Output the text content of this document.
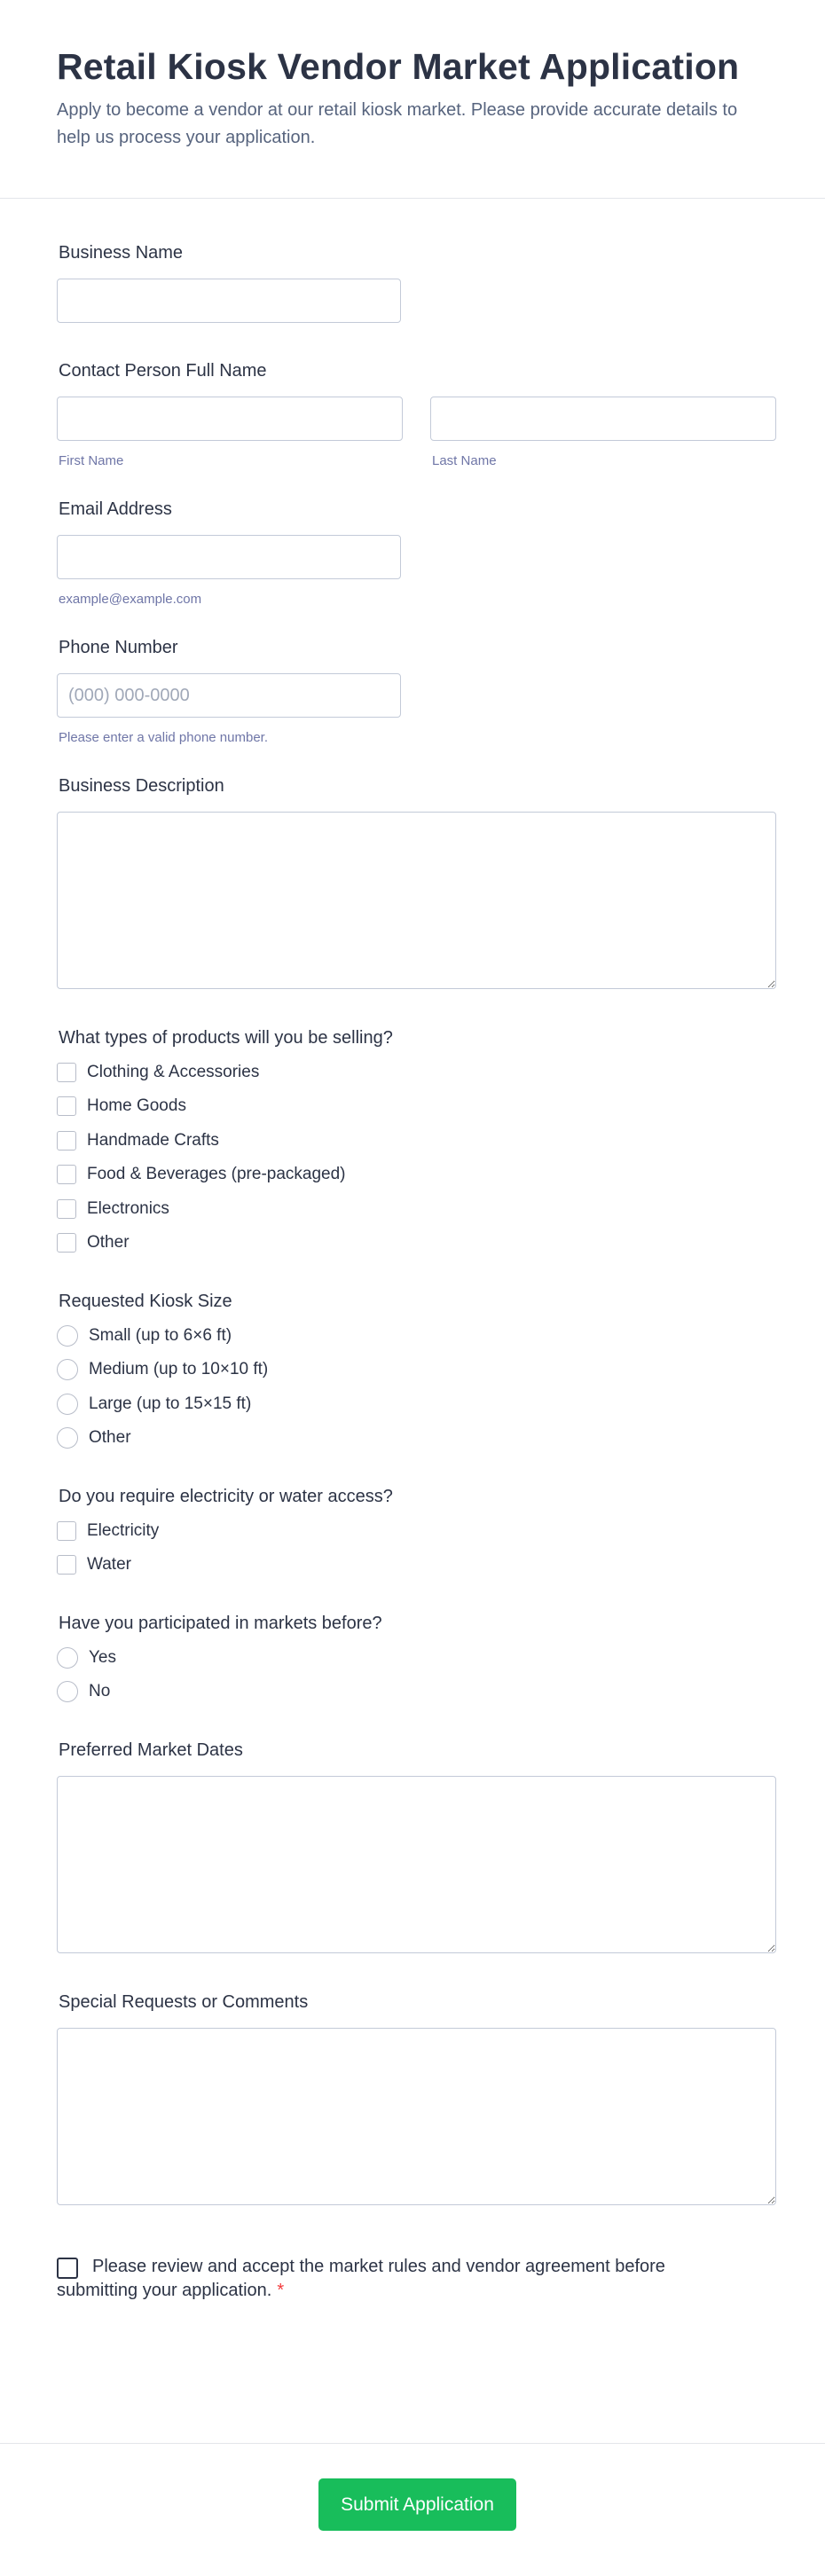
Retail Kiosk Vendor Market Application
Apply to become a vendor at our retail kiosk market. Please provide accurate details to help us process your application.
Business Name
Contact Person Full Name
First Name	Last Name
Email Address
example@example.com
Phone Number
(000) 000-0000
Please enter a valid phone number.
Business Description
What types of products will you be selling?
Clothing & Accessories
Home Goods
Handmade Crafts
Food & Beverages (pre-packaged)
Electronics
Other
Requested Kiosk Size
Small (up to 6×6 ft)
Medium (up to 10×10 ft)
Large (up to 15×15 ft)
Other
Do you require electricity or water access?
Electricity
Water
Have you participated in markets before?
Yes
No
Preferred Market Dates
Special Requests or Comments
Please review and accept the market rules and vendor agreement before submitting your application. *
Submit Application
